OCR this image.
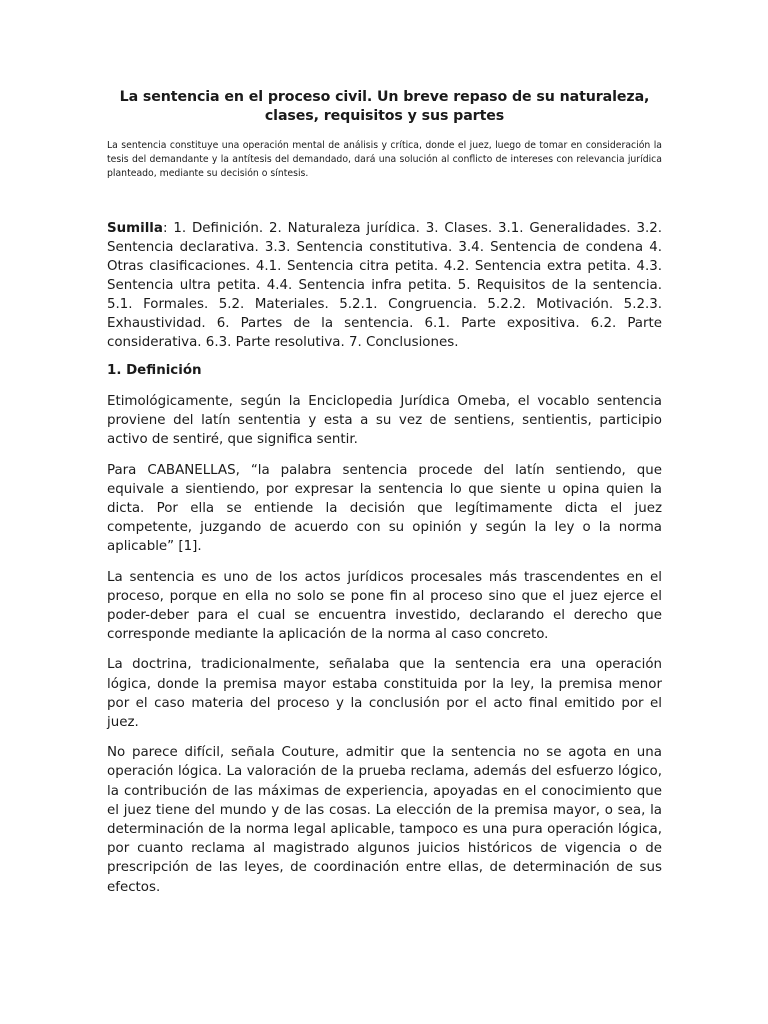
La sentencia en el proceso civil. Un breve repaso de su naturaleza, clases, requisitos y sus partes

La sentencia constituye una operación mental de análisis y crítica, donde el juez, luego de tomar en consideración la tesis del demandante y la antítesis del demandado, dará una solución al conflicto de intereses con relevancia jurídica planteado, mediante su decisión o síntesis.

Sumilla: 1. Definición. 2. Naturaleza jurídica. 3. Clases. 3.1. Generalidades. 3.2. Sentencia declarativa. 3.3. Sentencia constitutiva. 3.4. Sentencia de condena 4. Otras clasificaciones. 4.1. Sentencia citra petita. 4.2. Sentencia extra petita. 4.3. Sentencia ultra petita. 4.4. Sentencia infra petita. 5. Requisitos de la sentencia. 5.1. Formales. 5.2. Materiales. 5.2.1. Congruencia. 5.2.2. Motivación. 5.2.3. Exhaustividad. 6. Partes de la sentencia. 6.1. Parte expositiva. 6.2. Parte considerativa. 6.3. Parte resolutiva. 7. Conclusiones.

1. Definición

Etimológicamente, según la Enciclopedia Jurídica Omeba, el vocablo sentencia proviene del latín sententia y esta a su vez de sentiens, sentientis, participio activo de sentiré, que significa sentir.

Para CABANELLAS, “la palabra sentencia procede del latín sentiendo, que equivale a sientiendo, por expresar la sentencia lo que siente u opina quien la dicta. Por ella se entiende la decisión que legítimamente dicta el juez competente, juzgando de acuerdo con su opinión y según la ley o la norma aplicable” [1].

La sentencia es uno de los actos jurídicos procesales más trascendentes en el proceso, porque en ella no solo se pone fin al proceso sino que el juez ejerce el poder-deber para el cual se encuentra investido, declarando el derecho que corresponde mediante la aplicación de la norma al caso concreto.

La doctrina, tradicionalmente, señalaba que la sentencia era una operación lógica, donde la premisa mayor estaba constituida por la ley, la premisa menor por el caso materia del proceso y la conclusión por el acto final emitido por el juez.

No parece difícil, señala Couture, admitir que la sentencia no se agota en una operación lógica. La valoración de la prueba reclama, además del esfuerzo lógico, la contribución de las máximas de experiencia, apoyadas en el conocimiento que el juez tiene del mundo y de las cosas. La elección de la premisa mayor, o sea, la determinación de la norma legal aplicable, tampoco es una pura operación lógica, por cuanto reclama al magistrado algunos juicios históricos de vigencia o de prescripción de las leyes, de coordinación entre ellas, de determinación de sus efectos.
